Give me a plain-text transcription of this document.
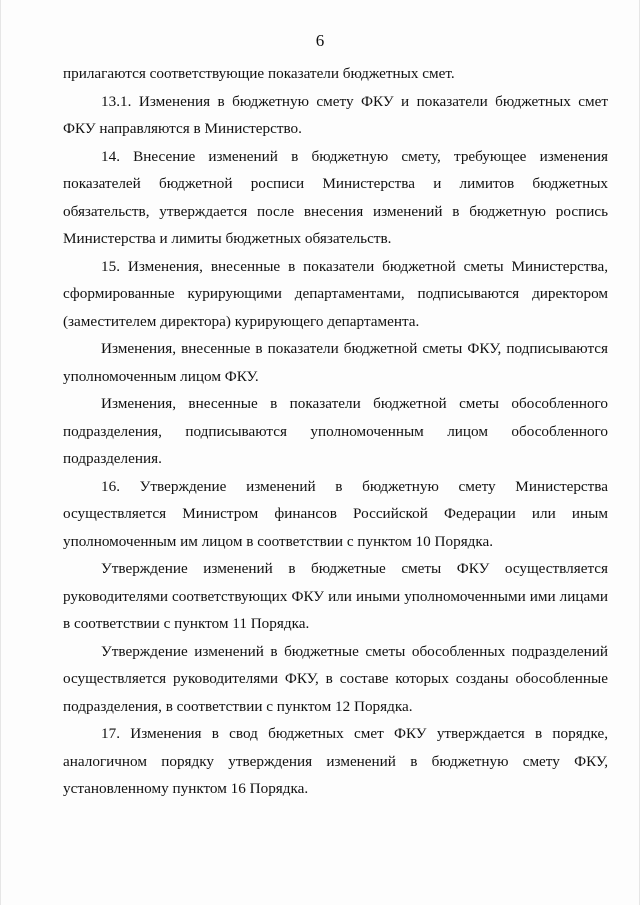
6

прилагаются соответствующие показатели бюджетных смет.

13.1. Изменения в бюджетную смету ФКУ и показатели бюджетных смет ФКУ направляются в Министерство.

14. Внесение изменений в бюджетную смету, требующее изменения показателей бюджетной росписи Министерства и лимитов бюджетных обязательств, утверждается после внесения изменений в бюджетную роспись Министерства и лимиты бюджетных обязательств.

15. Изменения, внесенные в показатели бюджетной сметы Министерства, сформированные курирующими департаментами, подписываются директором (заместителем директора) курирующего департамента.

Изменения, внесенные в показатели бюджетной сметы ФКУ, подписываются уполномоченным лицом ФКУ.

Изменения, внесенные в показатели бюджетной сметы обособленного подразделения, подписываются уполномоченным лицом обособленного подразделения.

16. Утверждение изменений в бюджетную смету Министерства осуществляется Министром финансов Российской Федерации или иным уполномоченным им лицом в соответствии с пунктом 10 Порядка.

Утверждение изменений в бюджетные сметы ФКУ осуществляется руководителями соответствующих ФКУ или иными уполномоченными ими лицами в соответствии с пунктом 11 Порядка.

Утверждение изменений в бюджетные сметы обособленных подразделений осуществляется руководителями ФКУ, в составе которых созданы обособленные подразделения, в соответствии с пунктом 12 Порядка.

17. Изменения в свод бюджетных смет ФКУ утверждается в порядке, аналогичном порядку утверждения изменений в бюджетную смету ФКУ, установленному пунктом 16 Порядка.
